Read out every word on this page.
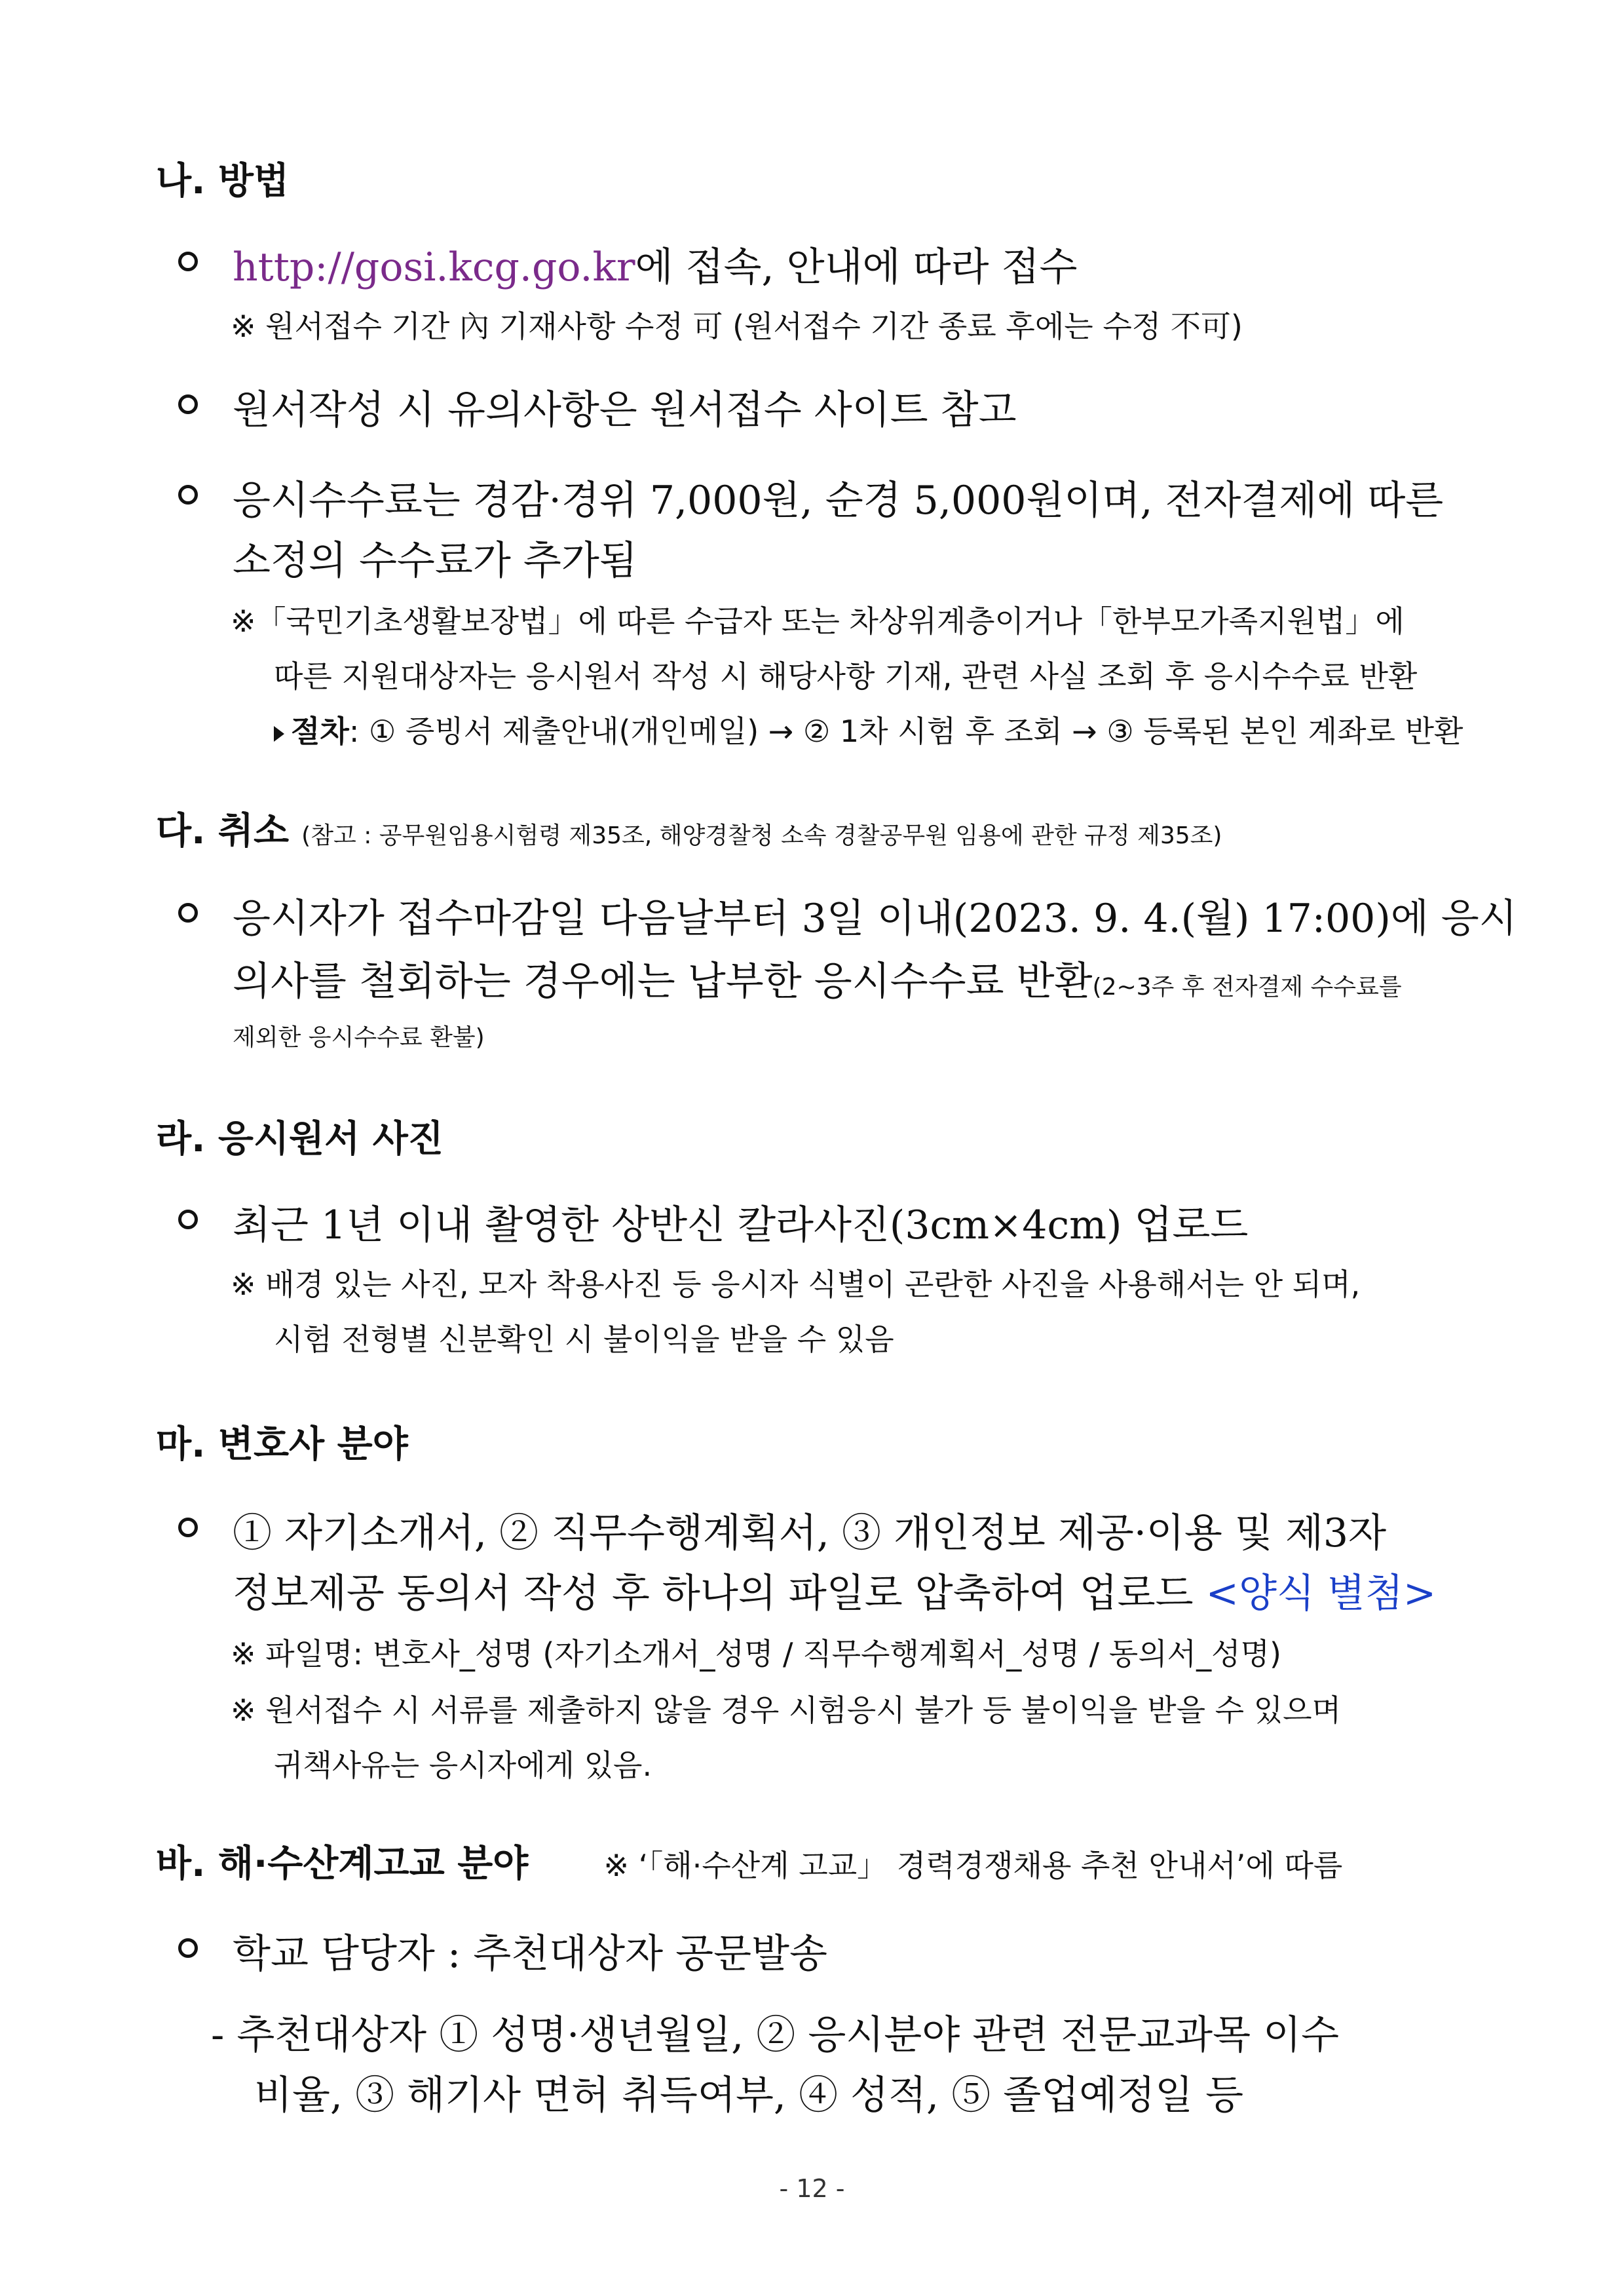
나. 방법
http://gosi.kcg.go.kr에 접속, 안내에 따라 접수
※ 원서접수 기간 內 기재사항 수정 可 (원서접수 기간 종료 후에는 수정 不可)
원서작성 시 유의사항은 원서접수 사이트 참고
응시수수료는 경감·경위 7,000원, 순경 5,000원이며, 전자결제에 따른
소정의 수수료가 추가됨
※「국민기초생활보장법」에 따른 수급자 또는 차상위계층이거나「한부모가족지원법」에
따른 지원대상자는 응시원서 작성 시 해당사항 기재, 관련 사실 조회 후 응시수수료 반환
절차: ① 증빙서 제출안내(개인메일) → ② 1차 시험 후 조회 → ③ 등록된 본인 계좌로 반환
다. 취소 (참고 : 공무원임용시험령 제35조, 해양경찰청 소속 경찰공무원 임용에 관한 규정 제35조)
응시자가 접수마감일 다음날부터 3일 이내(2023. 9. 4.(월) 17:00)에 응시
의사를 철회하는 경우에는 납부한 응시수수료 반환(2~3주 후 전자결제 수수료를
제외한 응시수수료 환불)
라. 응시원서 사진
최근 1년 이내 촬영한 상반신 칼라사진(3cm×4cm) 업로드
※ 배경 있는 사진, 모자 착용사진 등 응시자 식별이 곤란한 사진을 사용해서는 안 되며,
시험 전형별 신분확인 시 불이익을 받을 수 있음
마. 변호사 분야
① 자기소개서, ② 직무수행계획서, ③ 개인정보 제공·이용 및 제3자
정보제공 동의서 작성 후 하나의 파일로 압축하여 업로드 <양식 별첨>
※ 파일명: 변호사_성명 (자기소개서_성명 / 직무수행계획서_성명 / 동의서_성명)
※ 원서접수 시 서류를 제출하지 않을 경우 시험응시 불가 등 불이익을 받을 수 있으며
귀책사유는 응시자에게 있음.
바. 해·수산계고교 분야	※ ‘「해·수산계 고교」 경력경쟁채용 추천 안내서’에 따름
학교 담당자 : 추천대상자 공문발송
- 추천대상자 ① 성명·생년월일, ② 응시분야 관련 전문교과목 이수
비율, ③ 해기사 면허 취득여부, ④ 성적, ⑤ 졸업예정일 등
- 12 -
